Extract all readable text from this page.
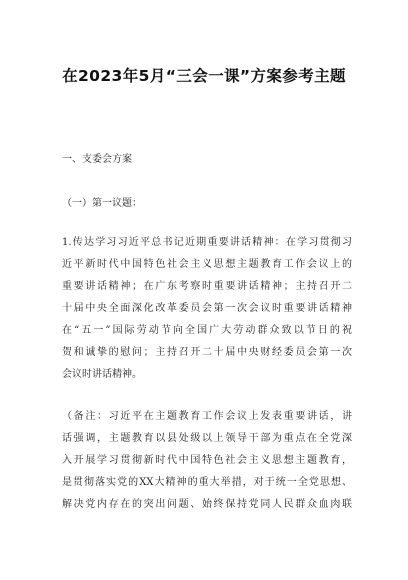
在2023年5月“三会一课”方案参考主题
一、支委会方案
（一）第一议题：
1.传达学习习近平总书记近期重要讲话精神：在学习贯彻习
近平新时代中国特色社会主义思想主题教育工作会议上的
重要讲话精神；在广东考察时重要讲话精神；主持召开二
十届中央全面深化改革委员会第一次会议时重要讲话精神
在“五一”国际劳动节向全国广大劳动群众致以节日的祝
贺和诚挚的慰问；主持召开二十届中央财经委员会第一次
会议时讲话精神。
（备注：习近平在主题教育工作会议上发表重要讲话，讲
话强调，主题教育以县处级以上领导干部为重点在全党深
入开展学习贯彻新时代中国特色社会主义思想主题教育，
是贯彻落实党的XX大精神的重大举措，对于统一全党思想、
解决党内存在的突出问题、始终保持党同人民群众血肉联
